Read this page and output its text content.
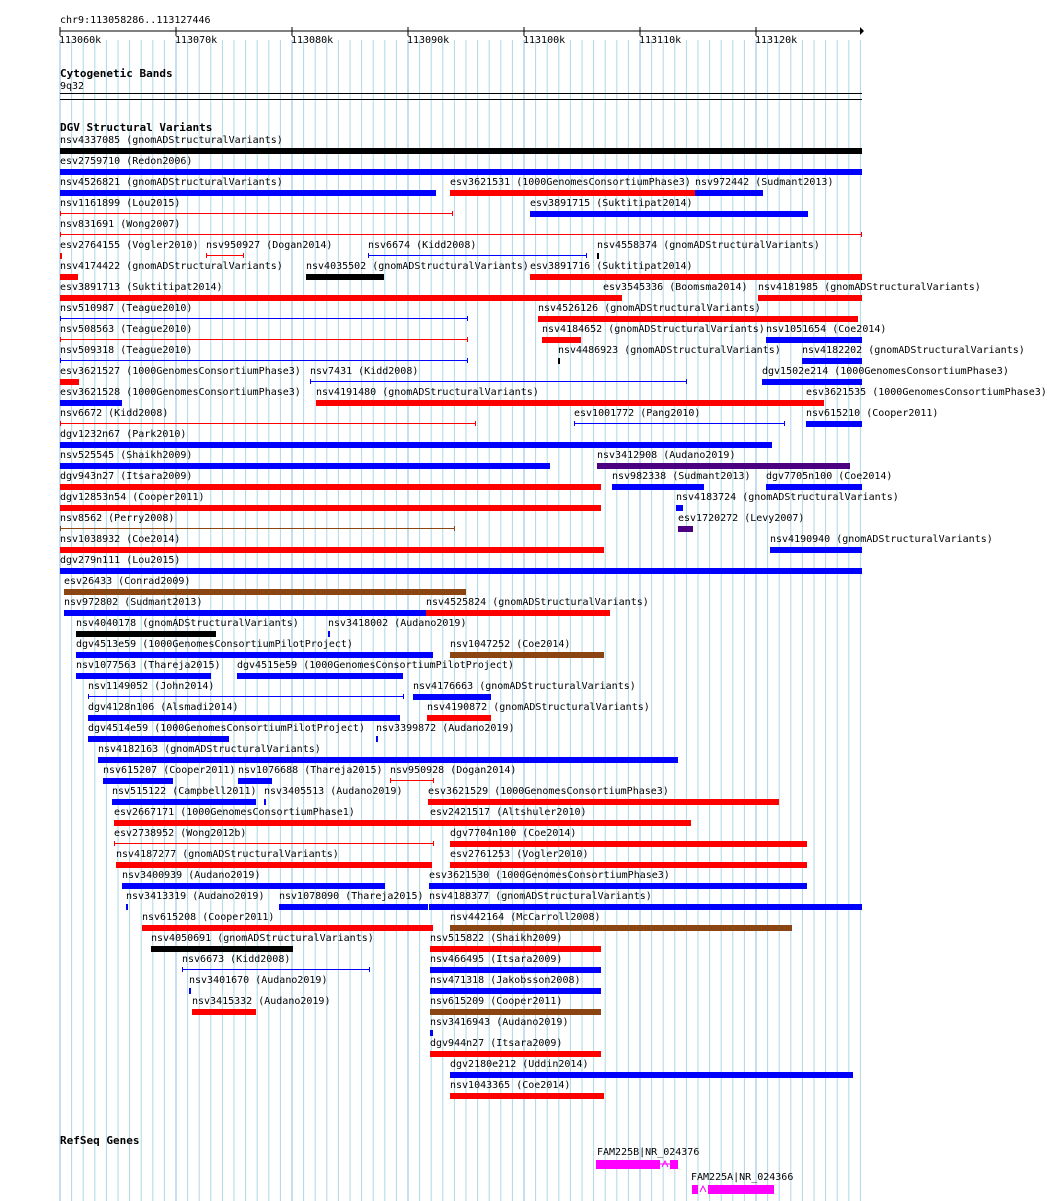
chr9:113058286..113127446
113060k	113070k	113080k	113090k	113100k	113110k	113120k
Cytogenetic Bands
9q32
DGV Structural Variants
nsv4337085 (gnomADStructuralVariants)
esv2759710 (Redon2006)
nsv4526821 (gnomADStructuralVariants)	esv3621531 (1000GenomesConsortiumPhase3) nsv972442 (Sudmant2013)
nsv1161899 (Lou2015)	esv3891715 (Suktitipat2014)
nsv831691 (Wong2007)
esv2764155 (Vogler2010) nsv950927 (Dogan2014)	nsv6674 (Kidd2008)	nsv4558374 (gnomADStructuralVariants)
nsv4174422 (gnomADStructuralVariants) nsv4035502 (gnomADStructuralVariants) esv3891716 (Suktitipat2014)
esv3891713 (Suktitipat2014)	esv3545336 (Boomsma2014) nsv4181985 (gnomADStructuralVariants)
nsv510987 (Teague2010)	nsv4526126 (gnomADStructuralVariants)
nsv508563 (Teague2010)	nsv4184652 (gnomADStructuralVariants) nsv1051654 (Coe2014)
nsv509318 (Teague2010)	nsv4486923 (gnomADStructuralVariants) nsv4182202 (gnomADStructuralVariants)
esv3621527 (1000GenomesConsortiumPhase3) nsv7431 (Kidd2008)	dgv1502e214 (1000GenomesConsortiumPhase3)
esv3621528 (1000GenomesConsortiumPhase3) nsv4191480 (gnomADStructuralVariants)	esv3621535 (1000GenomesConsortiumPhase3)
nsv6672 (Kidd2008)	esv1001772 (Pang2010)	nsv615210 (Cooper2011)
dgv1232n67 (Park2010)
nsv525545 (Shaikh2009)	nsv3412908 (Audano2019)
dgv943n27 (Itsara2009)	nsv982338 (Sudmant2013) dgv7705n100 (Coe2014)
dgv12853n54 (Cooper2011)	nsv4183724 (gnomADStructuralVariants)
nsv8562 (Perry2008)	esv1720272 (Levy2007)
nsv1038932 (Coe2014)	nsv4190940 (gnomADStructuralVariants)
dgv279n111 (Lou2015)
esv26433 (Conrad2009)
nsv972802 (Sudmant2013)	nsv4525824 (gnomADStructuralVariants)
nsv4040178 (gnomADStructuralVariants)	nsv3418002 (Audano2019)
dgv4513e59 (1000GenomesConsortiumPilotProject)	nsv1047252 (Coe2014)
nsv1077563 (Thareja2015) dgv4515e59 (1000GenomesConsortiumPilotProject)
nsv1149052 (John2014)	nsv4176663 (gnomADStructuralVariants)
dgv4128n106 (Alsmadi2014)	nsv4190872 (gnomADStructuralVariants)
dgv4514e59 (1000GenomesConsortiumPilotProject) nsv3399872 (Audano2019)
nsv4182163 (gnomADStructuralVariants)
nsv615207 (Cooper2011) nsv1076688 (Thareja2015) nsv950928 (Dogan2014)
nsv515122 (Campbell2011) nsv3405513 (Audano2019)	esv3621529 (1000GenomesConsortiumPhase3)
esv2667171 (1000GenomesConsortiumPhase1)	esv2421517 (Altshuler2010)
esv2738952 (Wong2012b)	dgv7704n100 (Coe2014)
nsv4187277 (gnomADStructuralVariants)	esv2761253 (Vogler2010)
nsv3400939 (Audano2019)	esv3621530 (1000GenomesConsortiumPhase3)
nsv3413319 (Audano2019) nsv1078090 (Thareja2015) nsv4188377 (gnomADStructuralVariants)
nsv615208 (Cooper2011)	nsv442164 (McCarroll2008)
nsv4050691 (gnomADStructuralVariants)	nsv515822 (Shaikh2009)
nsv6673 (Kidd2008)	nsv466495 (Itsara2009)
nsv3401670 (Audano2019)	nsv471318 (Jakobsson2008)
nsv3415332 (Audano2019)	nsv615209 (Cooper2011)
nsv3416943 (Audano2019)
dgv944n27 (Itsara2009)
dgv2180e212 (Uddin2014)
nsv1043365 (Coe2014)
RefSeq Genes
FAM225B|NR_024376
FAM225A|NR_024366
